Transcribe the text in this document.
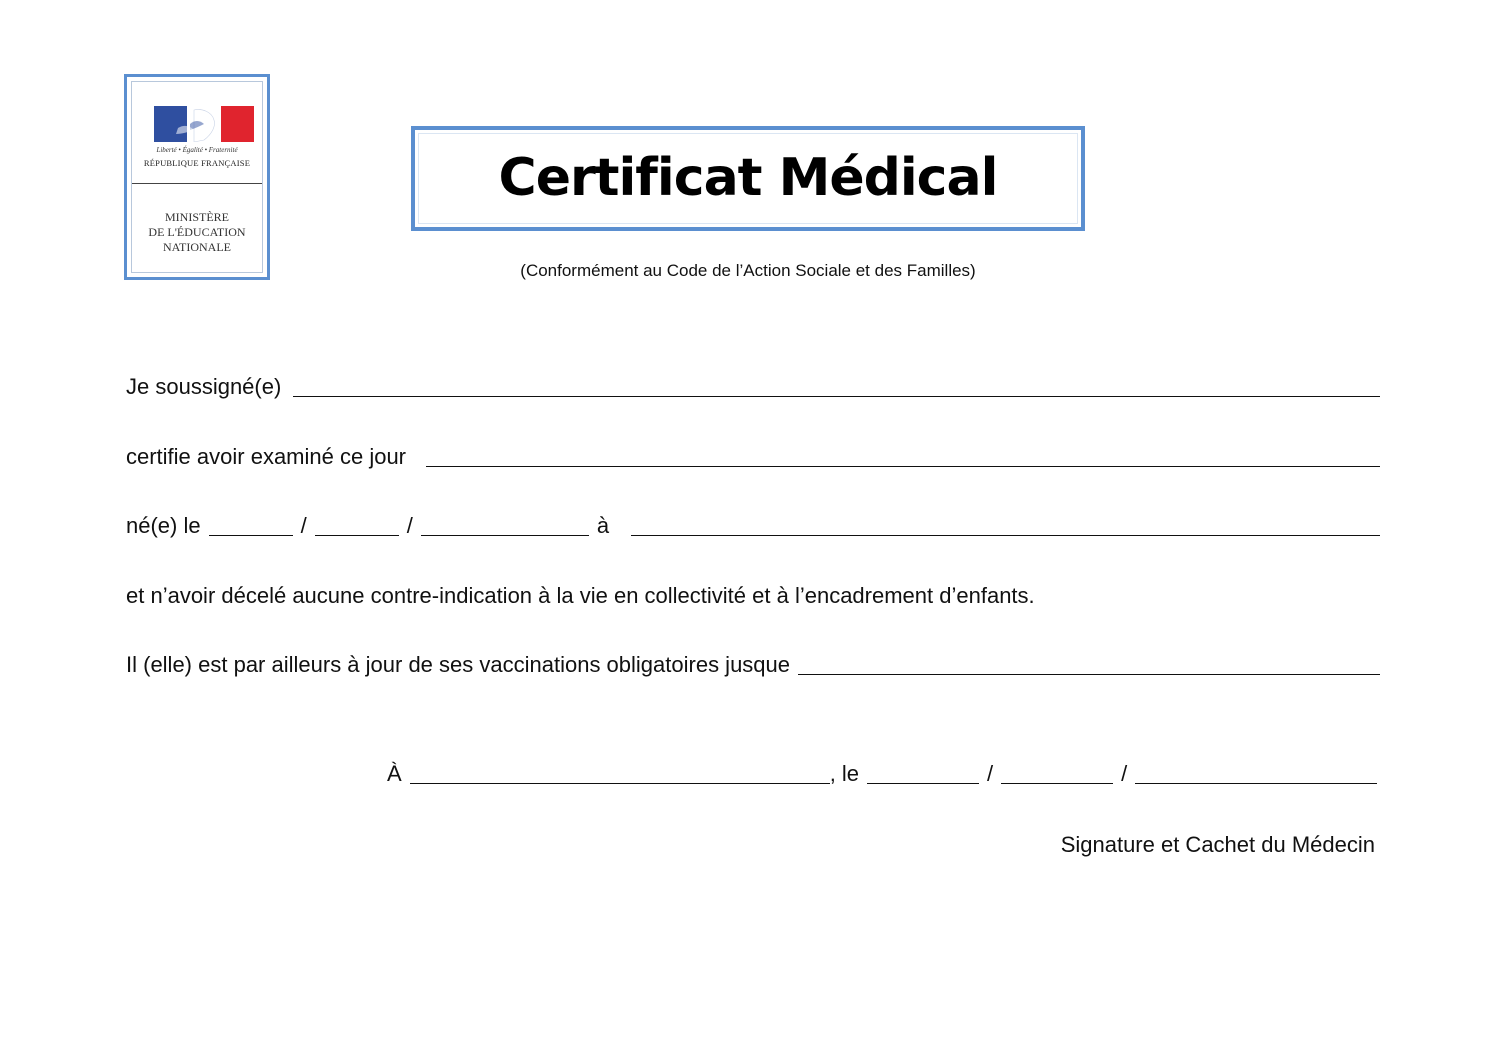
Liberté • Égalité • Fraternité
RÉPUBLIQUE FRANÇAISE
MINISTÈRE
DE L'ÉDUCATION
NATIONALE
Certificat Médical
(Conformément au Code de l’Action Sociale et des Familles)
Je soussigné(e)
certifie avoir examiné ce jour
né(e) le	/	/	à
et n’avoir décelé aucune contre-indication à la vie en collectivité et à l’encadrement d’enfants.
Il (elle) est par ailleurs à jour de ses vaccinations obligatoires jusque
À	, le	/	/
Signature et Cachet du Médecin
